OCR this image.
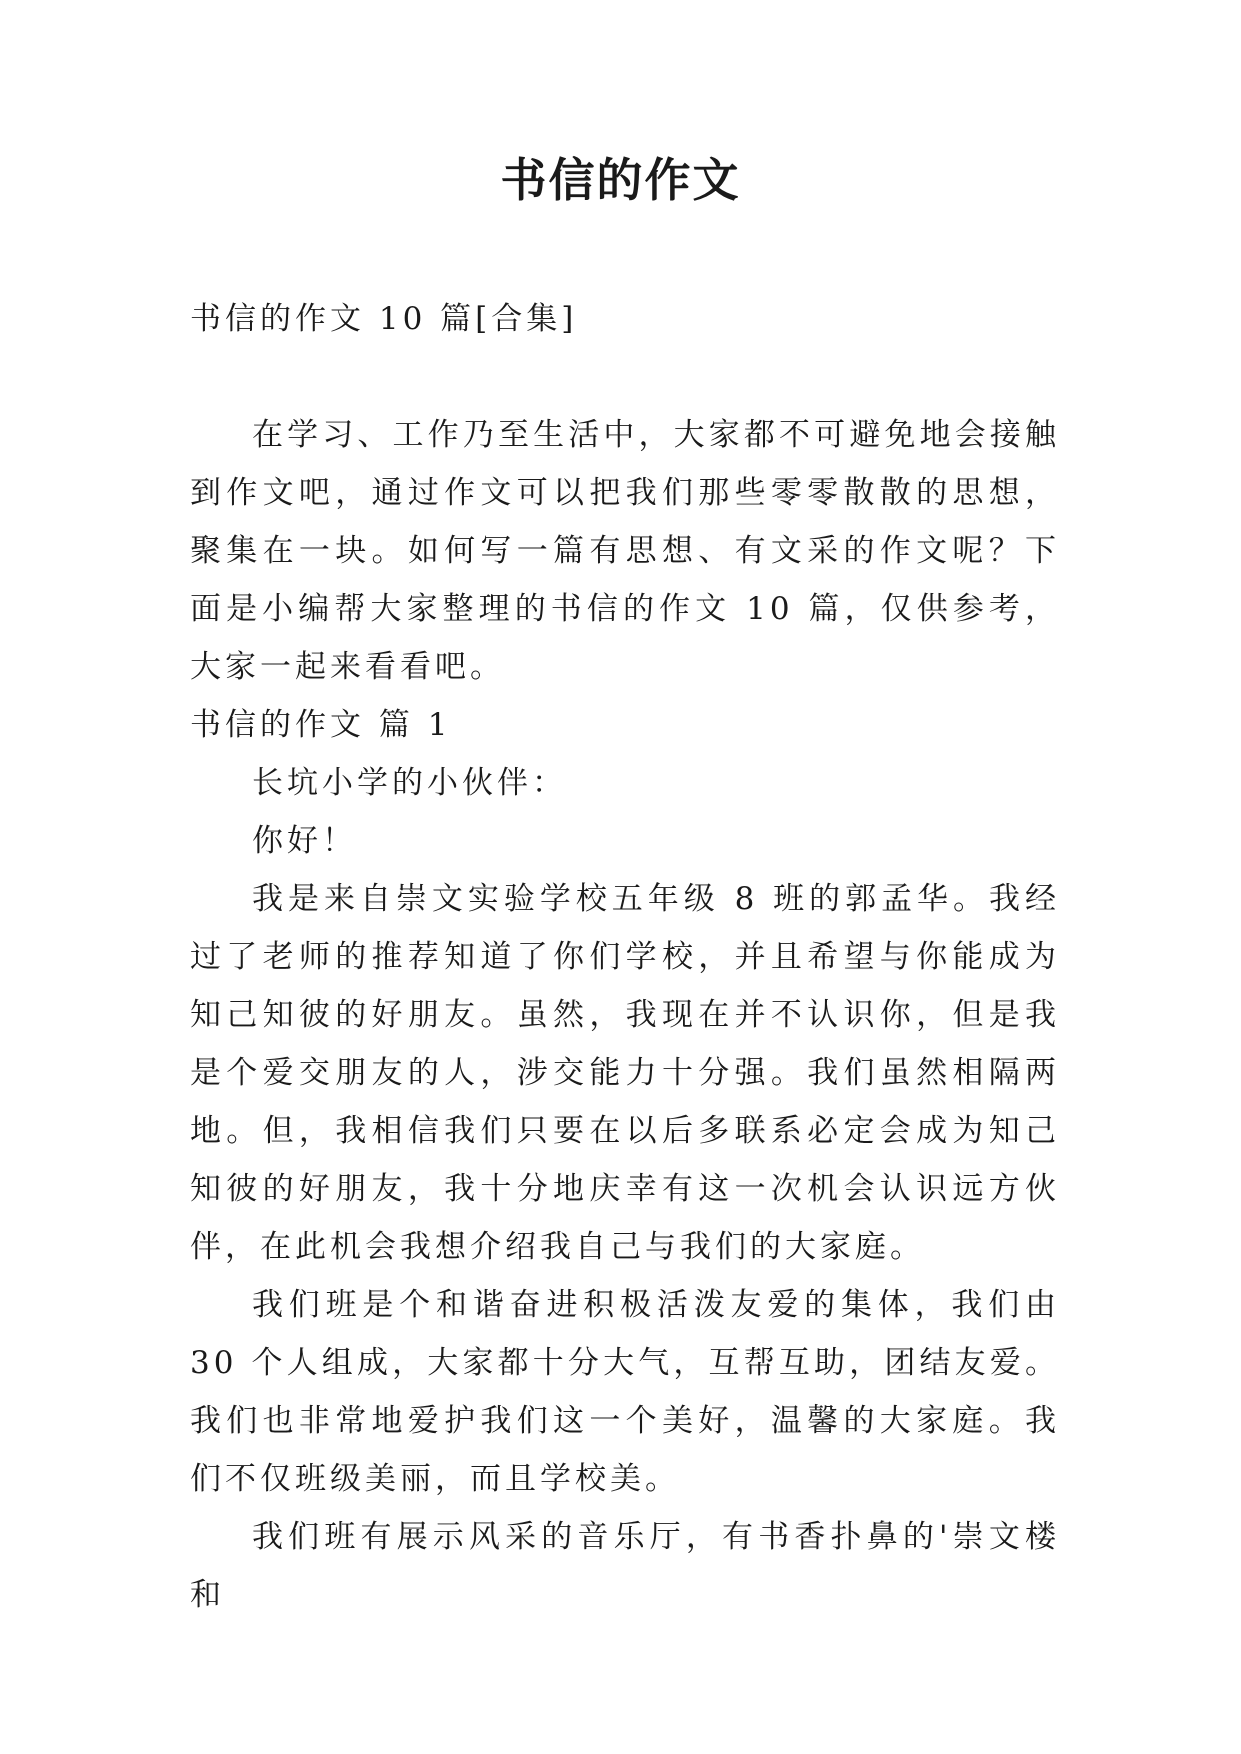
书信的作文

书信的作文 10 篇[合集]

在学习、工作乃至生活中，大家都不可避免地会接触到作文吧，通过作文可以把我们那些零零散散的思想，聚集在一块。如何写一篇有思想、有文采的作文呢？下面是小编帮大家整理的书信的作文 10 篇，仅供参考，大家一起来看看吧。

书信的作文 篇 1

长坑小学的小伙伴：

你好！

我是来自崇文实验学校五年级 8 班的郭孟华。我经过了老师的推荐知道了你们学校，并且希望与你能成为知己知彼的好朋友。虽然，我现在并不认识你，但是我是个爱交朋友的人，涉交能力十分强。我们虽然相隔两地。但，我相信我们只要在以后多联系必定会成为知己知彼的好朋友，我十分地庆幸有这一次机会认识远方伙伴，在此机会我想介绍我自己与我们的大家庭。

我们班是个和谐奋进积极活泼友爱的集体，我们由 30 个人组成，大家都十分大气，互帮互助，团结友爱。我们也非常地爱护我们这一个美好，温馨的大家庭。我们不仅班级美丽，而且学校美。

我们班有展示风采的音乐厅，有书香扑鼻的'崇文楼和
